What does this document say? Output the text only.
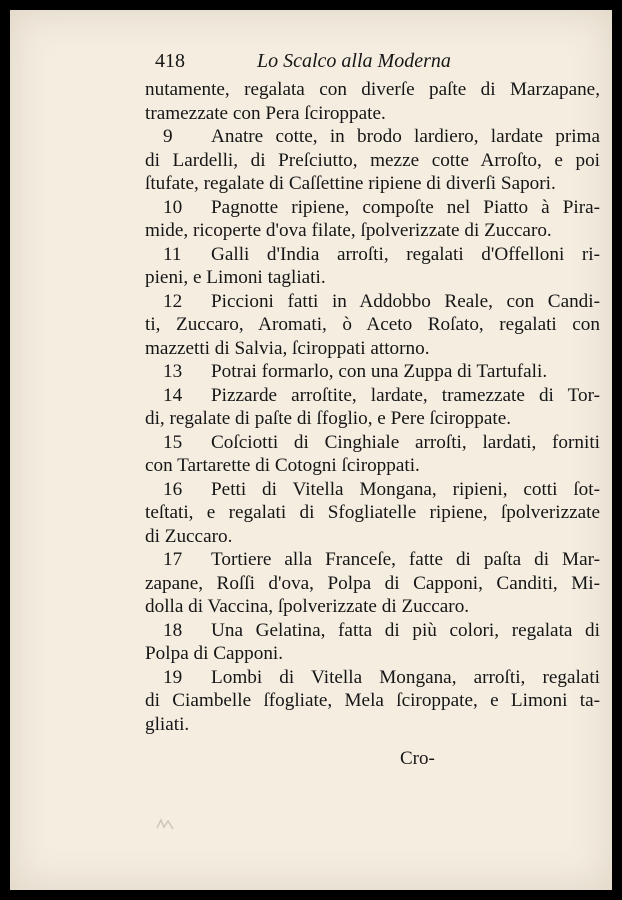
418	Lo Scalco alla Moderna
nutamente, regalata con diverſe paſte di Marzapane,
tramezzate con Pera ſciroppate.
9 Anatre cotte, in brodo lardiero, lardate prima
di Lardelli, di Preſciutto, mezze cotte Arroſto, e poi
ſtufate, regalate di Caſſettine ripiene di diverſi Sapori.
10 Pagnotte ripiene, compoſte nel Piatto à Pira-
mide, ricoperte d'ova filate, ſpolverizzate di Zuccaro.
11 Galli d'India arroſti, regalati d'Offelloni ri-
pieni, e Limoni tagliati.
12 Piccioni fatti in Addobbo Reale, con Candi-
ti, Zuccaro, Aromati, ò Aceto Roſato, regalati con
mazzetti di Salvia, ſciroppati attorno.
13 Potrai formarlo, con una Zuppa di Tartufali.
14 Pizzarde arroſtite, lardate, tramezzate di Tor-
di, regalate di paſte di ſfoglio, e Pere ſciroppate.
15 Coſciotti di Cinghiale arroſti, lardati, forniti
con Tartarette di Cotogni ſciroppati.
16 Petti di Vitella Mongana, ripieni, cotti ſot-
teſtati, e regalati di Sfogliatelle ripiene, ſpolverizzate
di Zuccaro.
17 Tortiere alla Franceſe, fatte di paſta di Mar-
zapane, Roſſi d'ova, Polpa di Capponi, Canditi, Mi-
dolla di Vaccina, ſpolverizzate di Zuccaro.
18 Una Gelatina, fatta di più colori, regalata di
Polpa di Capponi.
19 Lombi di Vitella Mongana, arroſti, regalati
di Ciambelle ſfogliate, Mela ſciroppate, e Limoni ta-
gliati.
Cro-
